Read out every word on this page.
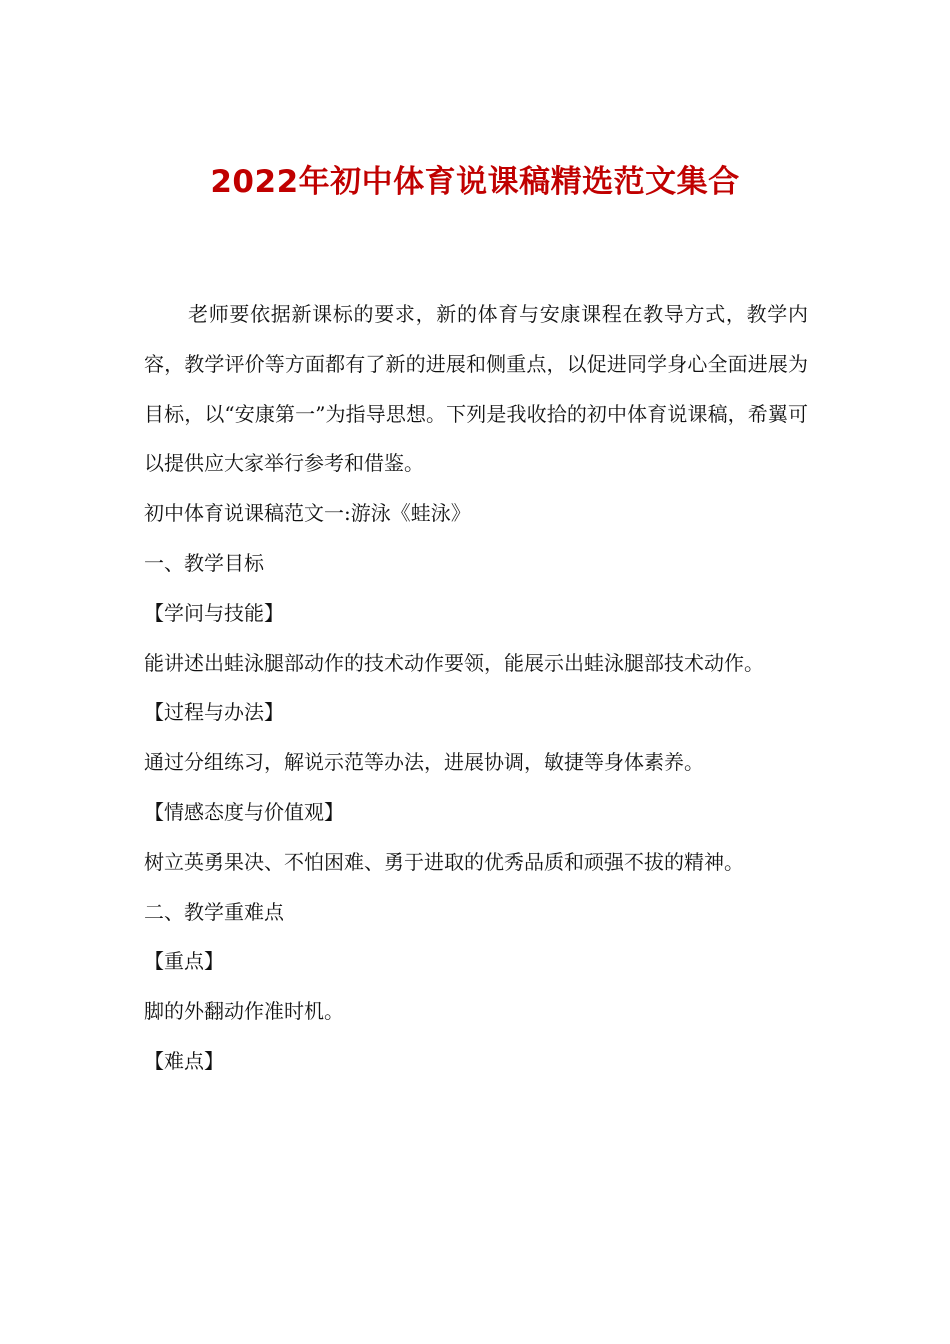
2022年初中体育说课稿精选范文集合

老师要依据新课标的要求，新的体育与安康课程在教导方式，教学内容，教学评价等方面都有了新的进展和侧重点，以促进同学身心全面进展为目标，以“安康第一”为指导思想。下列是我收拾的初中体育说课稿，希翼可以提供应大家举行参考和借鉴。

初中体育说课稿范文一:游泳《蛙泳》

一、教学目标

【学问与技能】

能讲述出蛙泳腿部动作的技术动作要领，能展示出蛙泳腿部技术动作。

【过程与办法】

通过分组练习，解说示范等办法，进展协调，敏捷等身体素养。

【情感态度与价值观】

树立英勇果决、不怕困难、勇于进取的优秀品质和顽强不拔的精神。

二、教学重难点

【重点】

脚的外翻动作准时机。

【难点】
